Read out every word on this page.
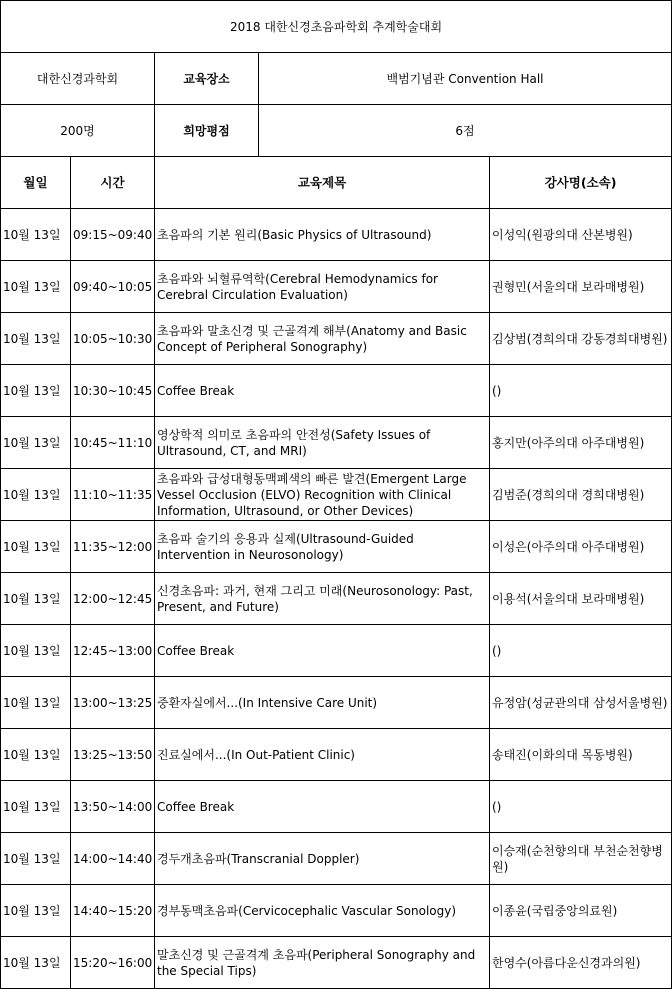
2018 대한신경초음파학회 추계학술대회				
대한신경과학회		교육장소	백범기념관 Convention Hall	
200명		희망평점	6점	
월일	시간	교육제목		강사명(소속)
10월 13일	09:15~09:40	초음파의 기본 원리(Basic Physics of Ultrasound)		이성익(원광의대 산본병원)
10월 13일	09:40~10:05	초음파와 뇌혈류역학(Cerebral Hemodynamics for Cerebral Circulation Evaluation)		권형민(서울의대 보라매병원)
10월 13일	10:05~10:30	초음파와 말초신경 및 근골격계 해부(Anatomy and Basic Concept of Peripheral Sonography)		김상범(경희의대 강동경희대병원)
10월 13일	10:30~10:45	Coffee Break		()
10월 13일	10:45~11:10	영상학적 의미로 초음파의 안전성(Safety Issues of Ultrasound, CT, and MRI)		홍지만(아주의대 아주대병원)
10월 13일	11:10~11:35	초음파와 급성대형동맥폐색의 빠른 발견(Emergent Large Vessel Occlusion (ELVO) Recognition with Clinical Information, Ultrasound, or Other Devices)		김범준(경희의대 경희대병원)
10월 13일	11:35~12:00	초음파 술기의 응용과 실제(Ultrasound-Guided Intervention in Neurosonology)		이성은(아주의대 아주대병원)
10월 13일	12:00~12:45	신경초음파: 과거, 현재 그리고 미래(Neurosonology: Past, Present, and Future)		이용석(서울의대 보라매병원)
10월 13일	12:45~13:00	Coffee Break		()
10월 13일	13:00~13:25	중환자실에서...(In Intensive Care Unit)		유정암(성균관의대 삼성서울병원)
10월 13일	13:25~13:50	진료실에서...(In Out-Patient Clinic)		송태진(이화의대 목동병원)
10월 13일	13:50~14:00	Coffee Break		()
10월 13일	14:00~14:40	경두개초음파(Transcranial Doppler)		이승재(순천향의대 부천순천향병원)
10월 13일	14:40~15:20	경부동맥초음파(Cervicocephalic Vascular Sonology)		이종윤(국립중앙의료원)
10월 13일	15:20~16:00	말초신경 및 근골격계 초음파(Peripheral Sonography and the Special Tips)		한영수(아름다운신경과의원)
